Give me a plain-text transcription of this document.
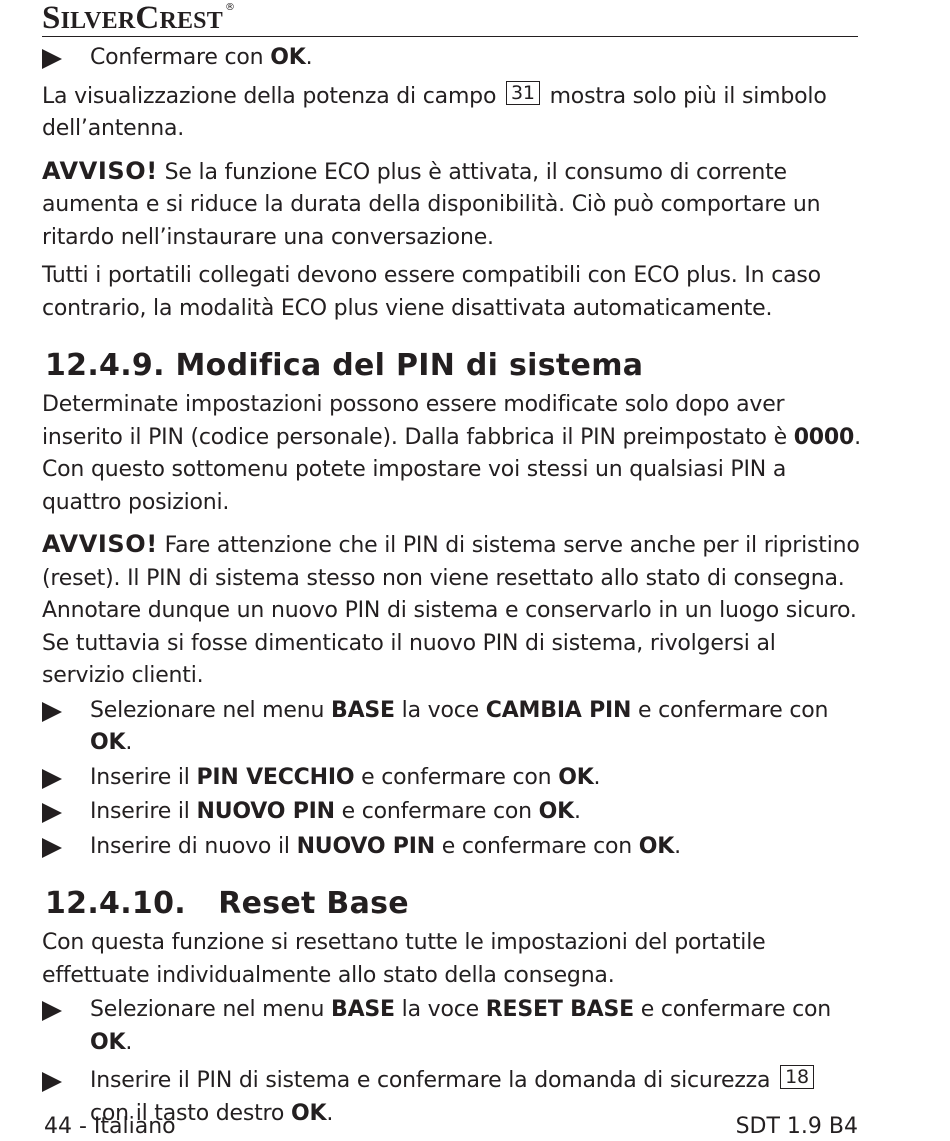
SILVERCREST®
Confermare con OK.

La visualizzazione della potenza di campo 31 mostra solo più il simbolo dell’antenna.

AVVISO! Se la funzione ECO plus è attivata, il consumo di corrente aumenta e si riduce la durata della disponibilità. Ciò può comportare un ritardo nell’instaurare una conversazione.

Tutti i portatili collegati devono essere compatibili con ECO plus. In caso contrario, la modalità ECO plus viene disattivata automaticamente.

12.4.9. Modifica del PIN di sistema

Determinate impostazioni possono essere modificate solo dopo aver inserito il PIN (codice personale). Dalla fabbrica il PIN preimpostato è 0000. Con questo sottomenu potete impostare voi stessi un qualsiasi PIN a quattro posizioni.

AVVISO! Fare attenzione che il PIN di sistema serve anche per il ripristino (reset). Il PIN di sistema stesso non viene resettato allo stato di consegna. Annotare dunque un nuovo PIN di sistema e conservarlo in un luogo sicuro. Se tuttavia si fosse dimenticato il nuovo PIN di sistema, rivolgersi al servizio clienti.

Selezionare nel menu BASE la voce CAMBIA PIN e confermare con OK.
Inserire il PIN VECCHIO e confermare con OK.
Inserire il NUOVO PIN e confermare con OK.
Inserire di nuovo il NUOVO PIN e confermare con OK.
12.4.10.   Reset Base

Con questa funzione si resettano tutte le impostazioni del portatile effettuate individualmente allo stato della consegna.

Selezionare nel menu BASE la voce RESET BASE e confermare con OK.
Inserire il PIN di sistema e confermare la domanda di sicurezza 18 con il tasto destro OK.
44 - Italiano	SDT 1.9 B4
